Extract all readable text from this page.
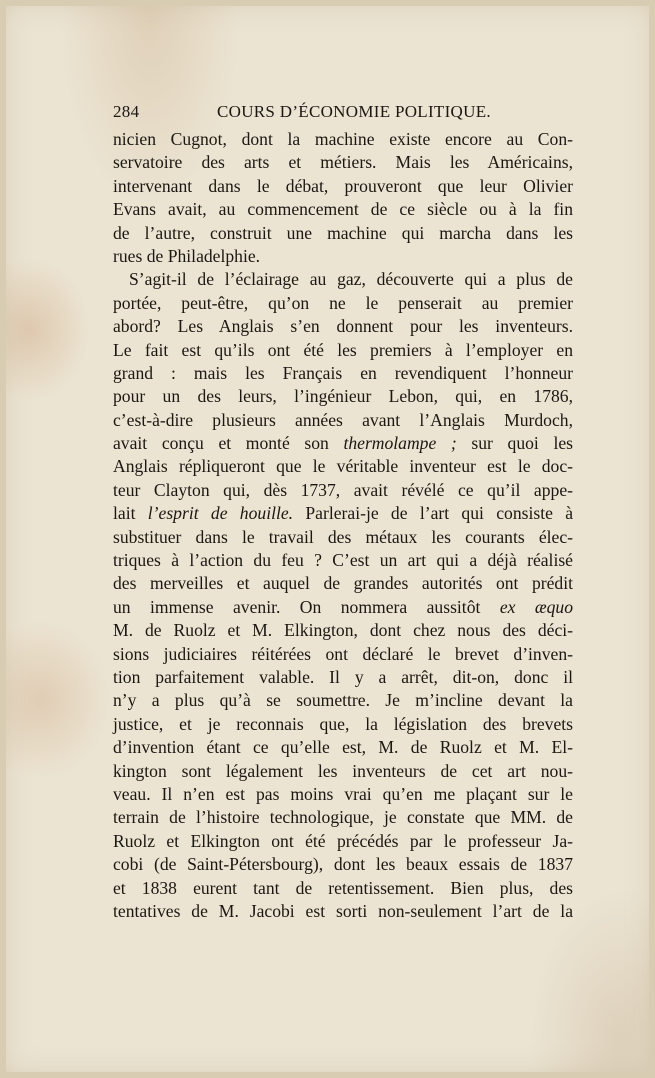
284	COURS D’ÉCONOMIE POLITIQUE.
nicien Cugnot, dont la machine existe encore au Con-
servatoire des arts et métiers. Mais les Américains,
intervenant dans le débat, prouveront que leur Olivier
Evans avait, au commencement de ce siècle ou à la fin
de l’autre, construit une machine qui marcha dans les
rues de Philadelphie.
S’agit-il de l’éclairage au gaz, découverte qui a plus de
portée, peut-être, qu’on ne le penserait au premier
abord? Les Anglais s’en donnent pour les inventeurs.
Le fait est qu’ils ont été les premiers à l’employer en
grand : mais les Français en revendiquent l’honneur
pour un des leurs, l’ingénieur Lebon, qui, en 1786,
c’est-à-dire plusieurs années avant l’Anglais Murdoch,
avait conçu et monté son thermolampe ; sur quoi les
Anglais répliqueront que le véritable inventeur est le doc-
teur Clayton qui, dès 1737, avait révélé ce qu’il appe-
lait l’esprit de houille. Parlerai-je de l’art qui consiste à
substituer dans le travail des métaux les courants élec-
triques à l’action du feu ? C’est un art qui a déjà réalisé
des merveilles et auquel de grandes autorités ont prédit
un immense avenir. On nommera aussitôt ex æquo
M. de Ruolz et M. Elkington, dont chez nous des déci-
sions judiciaires réitérées ont déclaré le brevet d’inven-
tion parfaitement valable. Il y a arrêt, dit-on, donc il
n’y a plus qu’à se soumettre. Je m’incline devant la
justice, et je reconnais que, la législation des brevets
d’invention étant ce qu’elle est, M. de Ruolz et M. El-
kington sont légalement les inventeurs de cet art nou-
veau. Il n’en est pas moins vrai qu’en me plaçant sur le
terrain de l’histoire technologique, je constate que MM. de
Ruolz et Elkington ont été précédés par le professeur Ja-
cobi (de Saint-Pétersbourg), dont les beaux essais de 1837
et 1838 eurent tant de retentissement. Bien plus, des
tentatives de M. Jacobi est sorti non-seulement l’art de la
